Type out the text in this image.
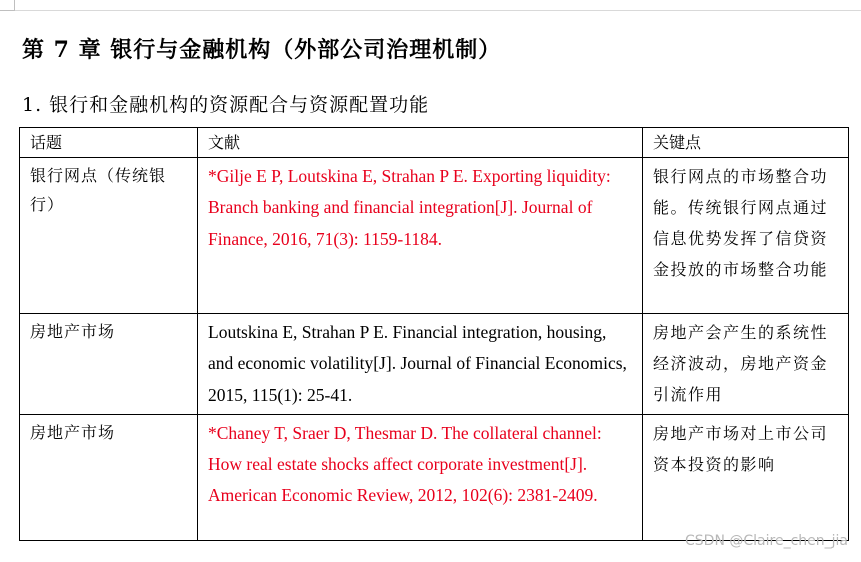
第 7 章 银行与金融机构（外部公司治理机制）
1. 银行和金融机构的资源配合与资源配置功能
话题	文献	关键点
银行网点（传统银行）	*Gilje E P, Loutskina E, Strahan P E. Exporting liquidity: Branch banking and financial integration[J]. Journal of Finance, 2016, 71(3): 1159-1184.	银行网点的市场整合功能。传统银行网点通过信息优势发挥了信贷资金投放的市场整合功能
房地产市场	Loutskina E, Strahan P E. Financial integration, housing, and economic volatility[J]. Journal of Financial Economics, 2015, 115(1): 25-41.	房地产会产生的系统性经济波动，房地产资金引流作用
房地产市场	*Chaney T, Sraer D, Thesmar D. The collateral channel: How real estate shocks affect corporate investment[J]. American Economic Review, 2012, 102(6): 2381-2409.	房地产市场对上市公司资本投资的影响
CSDN @Claire_chen_jia
